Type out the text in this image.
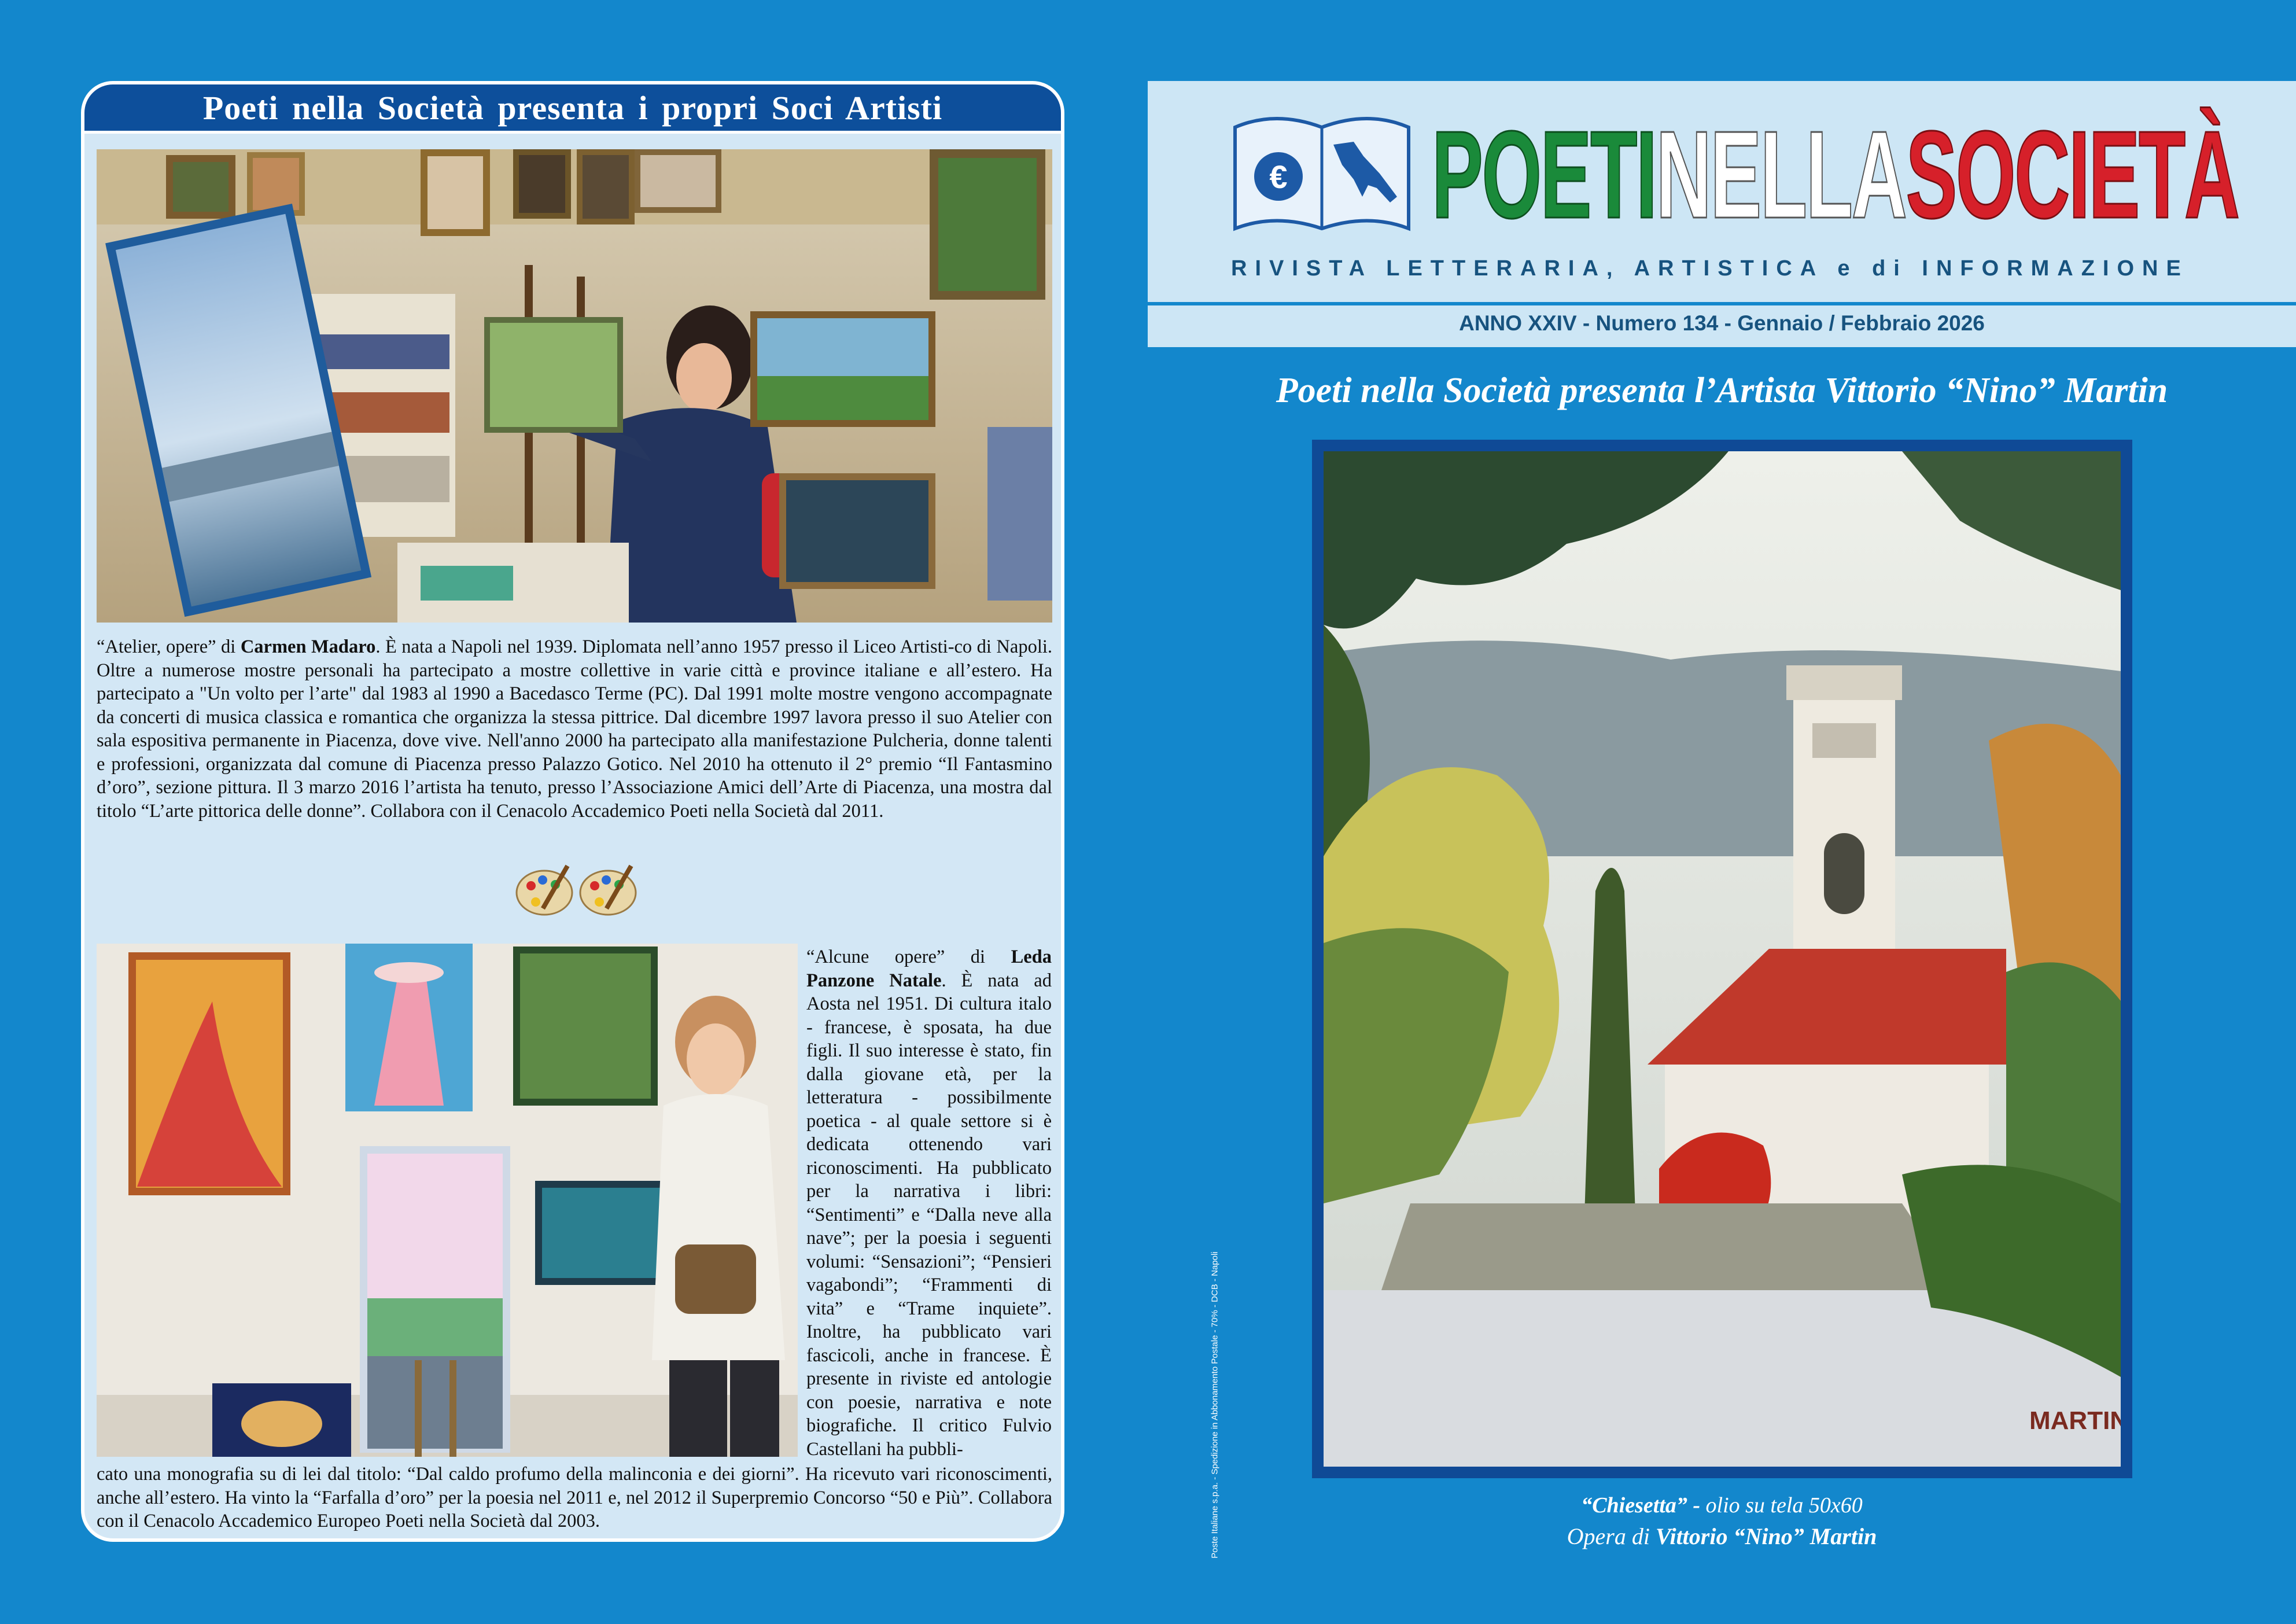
Poeti nella Società presenta i propri Soci Artisti
“Atelier, opere” di Carmen Madaro. È nata a Napoli nel 1939. Diplomata nell’anno 1957 presso il Liceo Artisti-co di Napoli. Oltre a numerose mostre personali ha partecipato a mostre collettive in varie città e province italiane e all’estero. Ha partecipato a "Un volto per l’arte" dal 1983 al 1990 a Bacedasco Terme (PC). Dal 1991 molte mostre vengono accompagnate da concerti di musica classica e romantica che organizza la stessa pittrice. Dal dicembre 1997 lavora presso il suo Atelier con sala espositiva permanente in Piacenza, dove vive. Nell'anno 2000 ha partecipato alla manifestazione Pulcheria, donne talenti e professioni, organizzata dal comune di Piacenza presso Palazzo Gotico. Nel 2010 ha ottenuto il 2° premio “Il Fantasmino d’oro”, sezione pittura. Il 3 marzo 2016 l’artista ha tenuto, presso l’Associazione Amici dell’Arte di Piacenza, una mostra dal titolo “L’arte pittorica delle donne”. Collabora con il Cenacolo Accademico Poeti nella Società dal 2011.
“Alcune opere” di Leda Panzone Natale. È nata ad Aosta nel 1951. Di cultura italo - francese, è sposata, ha due figli. Il suo interesse è stato, fin dalla giovane età, per la letteratura - possibilmente poetica - al quale settore si è dedicata ottenendo vari riconoscimenti. Ha pubblicato per la narrativa i libri: “Sentimenti” e “Dalla neve alla nave”; per la poesia i seguenti volumi: “Sensazioni”; “Pensieri vagabondi”; “Frammenti di vita” e “Trame inquiete”. Inoltre, ha pubblicato vari fascicoli, anche in francese. È presente in riviste ed antologie con poesie, narrativa e note biografiche. Il critico Fulvio Castellani ha pubbli-
cato una monografia su di lei dal titolo: “Dal caldo profumo della malinconia e dei giorni”. Ha ricevuto vari riconoscimenti, anche all’estero. Ha vinto la “Farfalla d’oro” per la poesia nel 2011 e, nel 2012 il Superpremio Concorso “50 e Più”. Collabora con il Cenacolo Accademico Europeo Poeti nella Società dal 2003.
€ POETINELLASOCIETÀ
RIVISTA LETTERARIA, ARTISTICA e di INFORMAZIONE
ANNO XXIV - Numero 134 - Gennaio / Febbraio 2026
Poeti nella Società presenta l’Artista Vittorio “Nino” Martin
MARTIN
“Chiesetta” - olio su tela 50x60
Opera di Vittorio “Nino” Martin
Poste Italiane s.p.a. - Spedizione in Abbonamento Postale - 70% - DCB - Napoli
